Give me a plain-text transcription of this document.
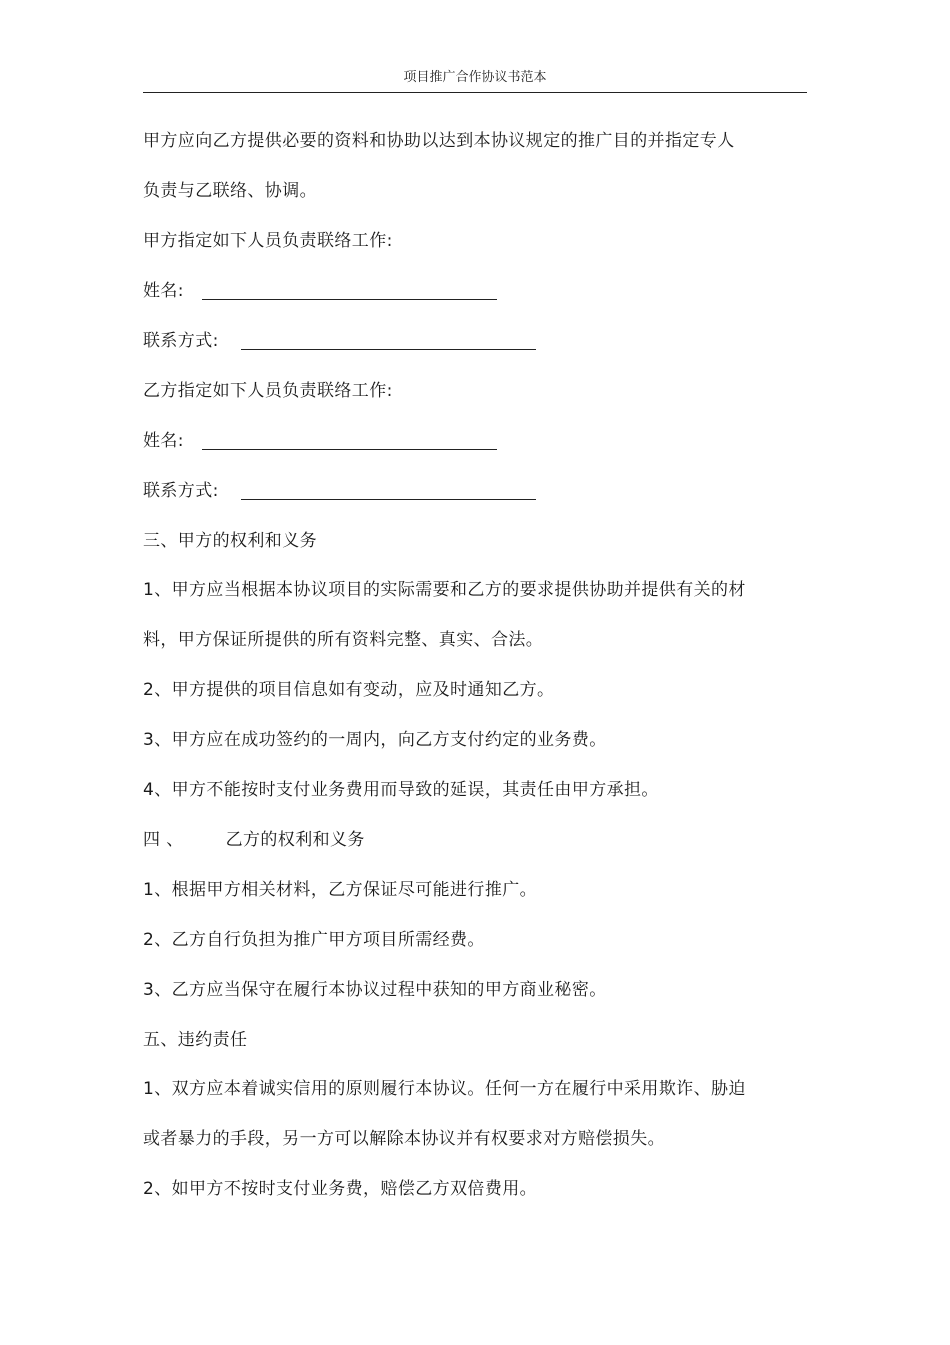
项目推广合作协议书范本
甲方应向乙方提供必要的资料和协助以达到本协议规定的推广目的并指定专人
负责与乙联络、协调。
甲方指定如下人员负责联络工作:
姓名:
联系方式:
乙方指定如下人员负责联络工作:
姓名:
联系方式:
三、甲方的权利和义务
1、甲方应当根据本协议项目的实际需要和乙方的要求提供协助并提供有关的材
料，甲方保证所提供的所有资料完整、真实、合法。
2、甲方提供的项目信息如有变动，应及时通知乙方。
3、甲方应在成功签约的一周内，向乙方支付约定的业务费。
4、甲方不能按时支付业务费用而导致的延误，其责任由甲方承担。
四 、 乙方的权利和义务
1、根据甲方相关材料，乙方保证尽可能进行推广。
2、乙方自行负担为推广甲方项目所需经费。
3、乙方应当保守在履行本协议过程中获知的甲方商业秘密。
五、违约责任
1、双方应本着诚实信用的原则履行本协议。任何一方在履行中采用欺诈、胁迫
或者暴力的手段，另一方可以解除本协议并有权要求对方赔偿损失。
2、如甲方不按时支付业务费，赔偿乙方双倍费用。
